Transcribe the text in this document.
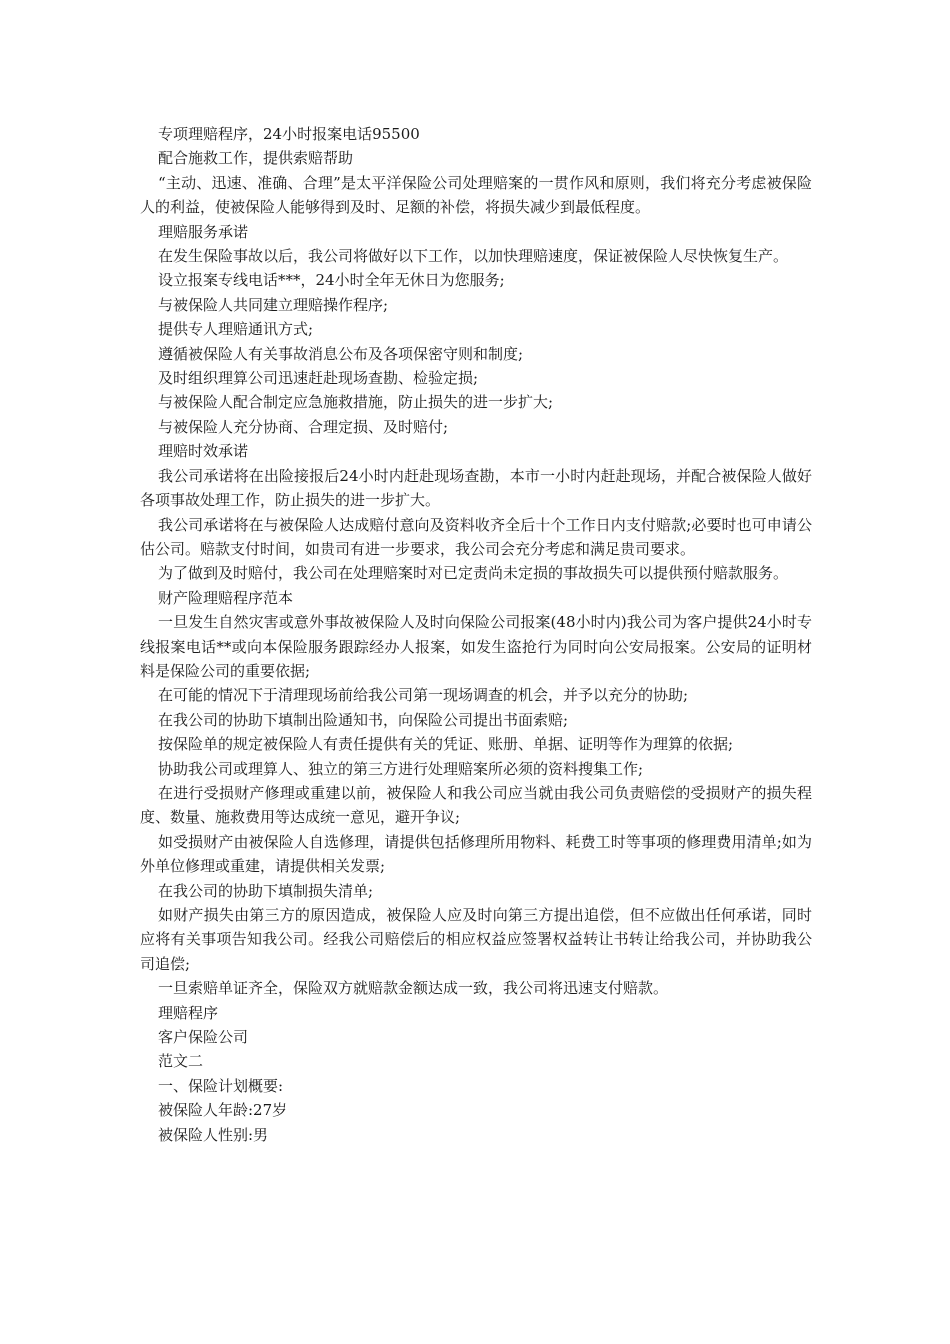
专项理赔程序，24小时报案电话95500

配合施救工作，提供索赔帮助

“主动、迅速、准确、合理”是太平洋保险公司处理赔案的一贯作风和原则，我们将充分考虑被保险人的利益，使被保险人能够得到及时、足额的补偿，将损失减少到最低程度。

理赔服务承诺

在发生保险事故以后，我公司将做好以下工作，以加快理赔速度，保证被保险人尽快恢复生产。

设立报案专线电话***，24小时全年无休日为您服务;

与被保险人共同建立理赔操作程序;

提供专人理赔通讯方式;

遵循被保险人有关事故消息公布及各项保密守则和制度;

及时组织理算公司迅速赶赴现场查勘、检验定损;

与被保险人配合制定应急施救措施，防止损失的进一步扩大;

与被保险人充分协商、合理定损、及时赔付;

理赔时效承诺

我公司承诺将在出险接报后24小时内赶赴现场查勘，本市一小时内赶赴现场，并配合被保险人做好各项事故处理工作，防止损失的进一步扩大。

我公司承诺将在与被保险人达成赔付意向及资料收齐全后十个工作日内支付赔款;必要时也可申请公估公司。赔款支付时间，如贵司有进一步要求，我公司会充分考虑和满足贵司要求。

为了做到及时赔付，我公司在处理赔案时对已定责尚未定损的事故损失可以提供预付赔款服务。

财产险理赔程序范本

一旦发生自然灾害或意外事故被保险人及时向保险公司报案(48小时内)我公司为客户提供24小时专线报案电话**或向本保险服务跟踪经办人报案，如发生盗抢行为同时向公安局报案。公安局的证明材料是保险公司的重要依据;

在可能的情况下于清理现场前给我公司第一现场调查的机会，并予以充分的协助;

在我公司的协助下填制出险通知书，向保险公司提出书面索赔;

按保险单的规定被保险人有责任提供有关的凭证、账册、单据、证明等作为理算的依据;

协助我公司或理算人、独立的第三方进行处理赔案所必须的资料搜集工作;

在进行受损财产修理或重建以前，被保险人和我公司应当就由我公司负责赔偿的受损财产的损失程度、数量、施救费用等达成统一意见，避开争议;

如受损财产由被保险人自选修理，请提供包括修理所用物料、耗费工时等事项的修理费用清单;如为外单位修理或重建，请提供相关发票;

在我公司的协助下填制损失清单;

如财产损失由第三方的原因造成，被保险人应及时向第三方提出追偿，但不应做出任何承诺，同时应将有关事项告知我公司。经我公司赔偿后的相应权益应签署权益转让书转让给我公司，并协助我公司追偿;

一旦索赔单证齐全，保险双方就赔款金额达成一致，我公司将迅速支付赔款。

理赔程序

客户保险公司

范文二

一、保险计划概要:

被保险人年龄:27岁

被保险人性别:男
